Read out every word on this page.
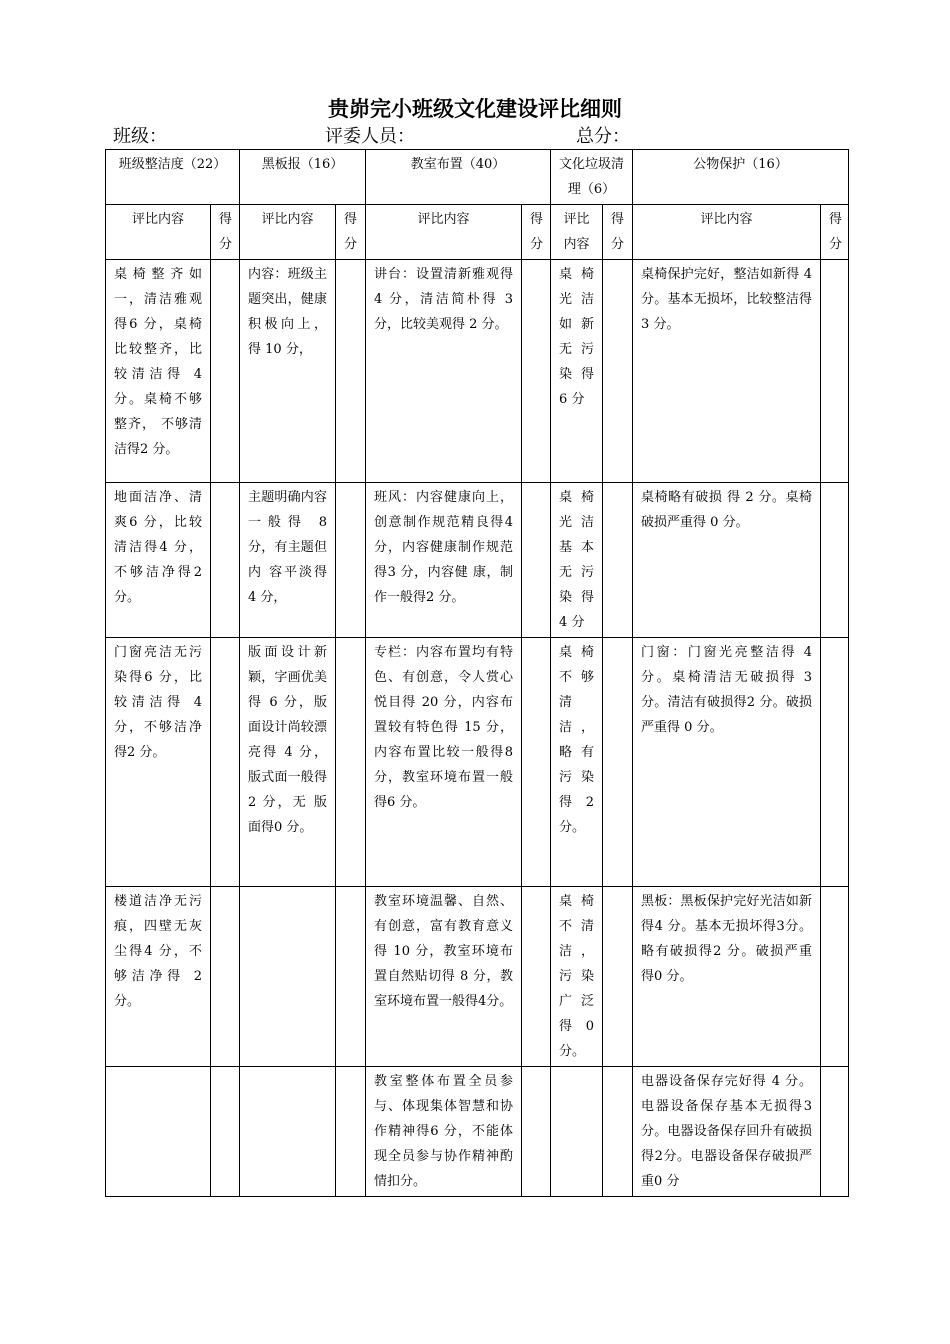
贵峁完小班级文化建设评比细则
班级：	评委人员：	总分：
班级整洁度（22）		黑板报（16）		教室布置（40）		文化垃圾清理（6）		公物保护（16）	
评比内容	得分	评比内容	得分	评比内容	得分	评比内容	得分	评比内容	得分
桌椅整齐如一，清洁雅观得6 分，桌椅比较整齐，比较清洁得 4 分。桌椅不够整齐， 不够清洁得2 分。		内容：班级主题突出，健康积极向上， 得 10 分，		讲台：设置清新雅观得 4 分，清洁简朴得 3 分，比较美观得 2 分。		桌椅光洁如新无污染得 6 分		桌椅保护完好，整洁如新得 4 分。基本无损坏，比较整洁得 3 分。	
地面洁净、清爽6 分，比较清洁得4 分，不够洁净得2 分。		主题明确内容一般得 8 分，有主题但内 容平淡得 4 分，		班风：内容健康向上，创意制作规范精良得4分，内容健康制作规范得3 分，内容健 康，制作一般得2 分。		桌椅光洁基本无污染得 4 分		桌椅略有破损 得 2 分。桌椅破损严重得 0 分。	
门窗亮洁无污染得6 分，比较清洁得 4 分，不够洁净得2 分。		版面设计新颖，字画优美得 6 分，版面设计尚较漂亮得 4 分，版式面一般得 2 分，无 版面得0 分。		专栏：内容布置均有特色、有创意，令人赏心悦目得 20 分，内容布置较有特色得 15 分，内容布置比较一般得8分，教室环境布置一般得6 分。		桌椅不够清洁，略有污染得 2 分。		门窗：门窗光亮整洁得 4 分。桌椅清洁无破损得 3 分。清洁有破损得2 分。破损严重得 0 分。	
楼道洁净无污痕，四壁无灰尘得4 分，不够洁净得 2 分。				教室环境温馨、自然、有创意，富有教育意义得 10 分，教室环境布置自然贴切得 8 分，教室环境布置一般得4分。		桌椅不清洁，污染广泛得 0 分。		黑板：黑板保护完好光洁如新得4 分。基本无损坏得3分。略有破损得2 分。破损严重 得0 分。	
				教室整体布置全员参与、体现集体智慧和协作精神得6 分，不能体现全员参与协作精神酌情扣分。				电器设备保存完好得 4 分。电器设备保存基本无损得3分。电器设备保存回升有破损得2分。电器设备保存破损严重0 分	
